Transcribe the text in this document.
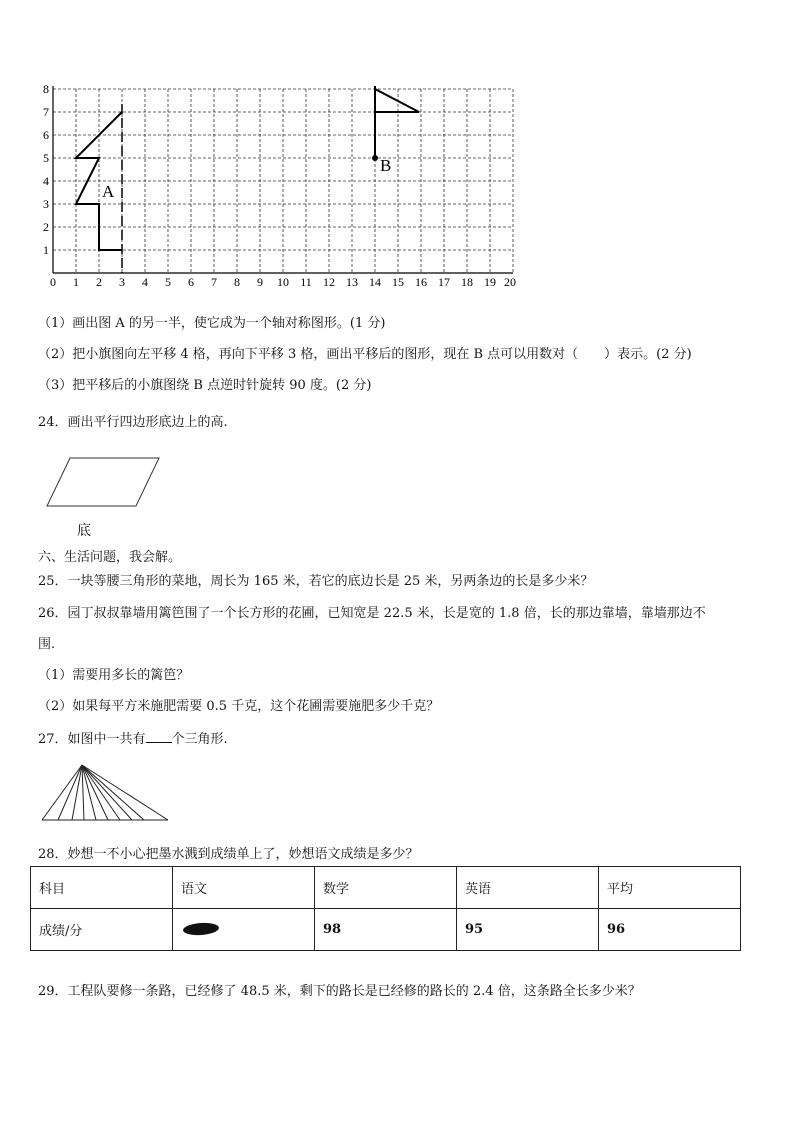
0 1 2 3 4 5 6 7 8 9 10 11 12 13 14 15 16 17 18 19 20
1
2
3
4
5
6
7
8
A
B
（1）画出图 A 的另一半，使它成为一个轴对称图形。(1 分)
（2）把小旗图向左平移 4 格，再向下平移 3 格，画出平移后的图形，现在 B 点可以用数对（　　）表示。(2 分)
（3）把平移后的小旗图绕 B 点逆时针旋转 90 度。(2 分)
24．画出平行四边形底边上的高.
底
六、生活问题，我会解。
25．一块等腰三角形的菜地，周长为 165 米，若它的底边长是 25 米，另两条边的长是多少米？
26．园丁叔叔靠墙用篱笆围了一个长方形的花圃，已知宽是 22.5 米，长是宽的 1.8 倍，长的那边靠墙，靠墙那边不
围.
（1）需要用多长的篱笆？
（2）如果每平方米施肥需要 0.5 千克，这个花圃需要施肥多少千克？
27．如图中一共有 个三角形.
28．妙想一不小心把墨水溅到成绩单上了，妙想语文成绩是多少？
科目	语文	数学	英语	平均
成绩/分		98	95	96
29．工程队要修一条路，已经修了 48.5 米，剩下的路长是已经修的路长的 2.4 倍，这条路全长多少米？
